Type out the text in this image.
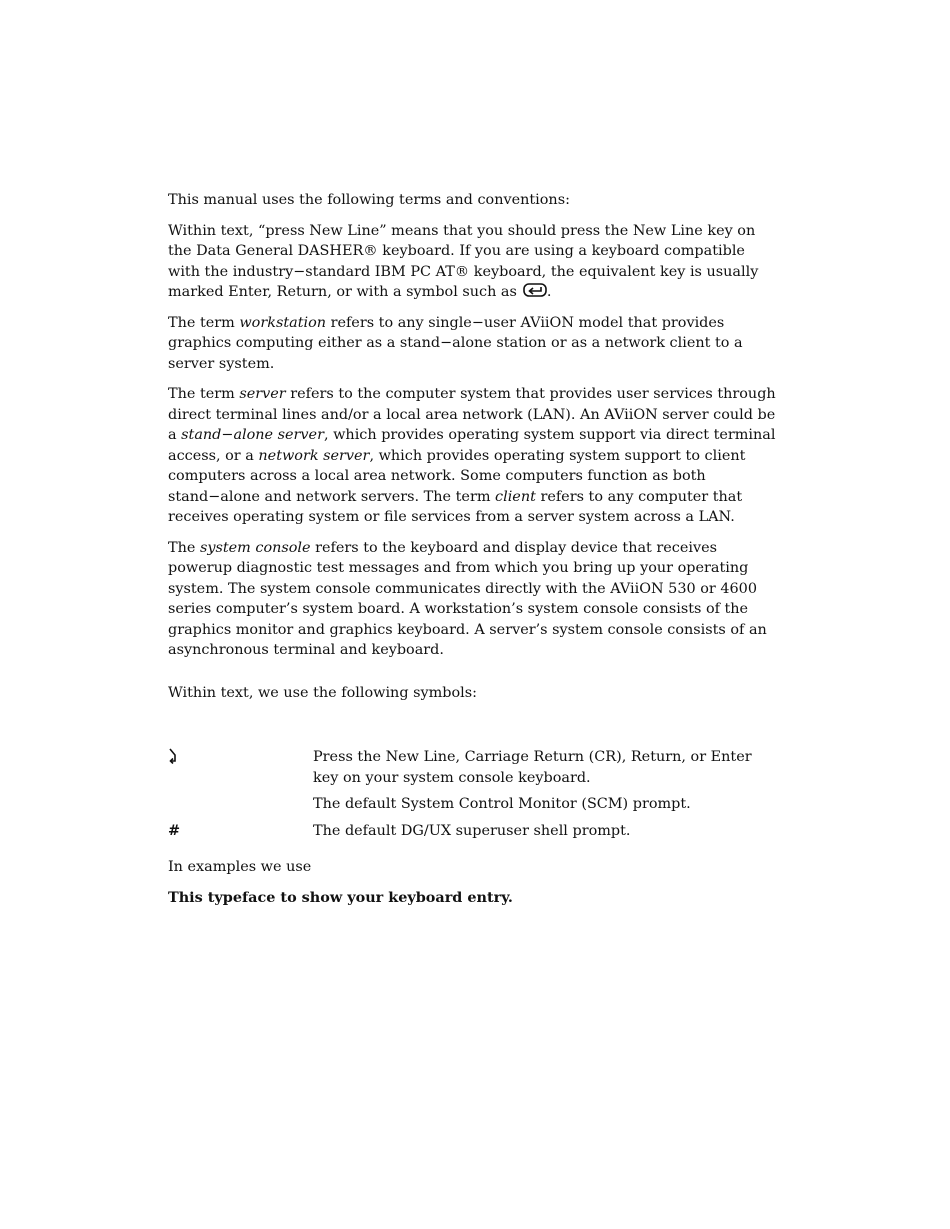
This manual uses the following terms and conventions:

Within text, “press New Line” means that you should press the New Line key on the Data General DASHER® keyboard. If you are using a keyboard compatible with the industry−standard IBM PC AT® keyboard, the equivalent key is usually marked Enter, Return, or with a symbol such as .

The term workstation refers to any single−user AViiON model that provides graphics computing either as a stand−alone station or as a network client to a server system.

The term server refers to the computer system that provides user services through direct terminal lines and/or a local area network (LAN). An AViiON server could be a stand−alone server, which provides operating system support via direct terminal access, or a network server, which provides operating system support to client computers across a local area network. Some computers function as both stand−alone and network servers. The term client refers to any computer that receives operating system or file services from a server system across a LAN.

The system console refers to the keyboard and display device that receives powerup diagnostic test messages and from which you bring up your operating system. The system console communicates directly with the AViiON 530 or 4600 series computer’s system board. A workstation’s system console consists of the graphics monitor and graphics keyboard. A server’s system console consists of an asynchronous terminal and keyboard.

Within text, we use the following symbols:

Press the New Line, Carriage Return (CR), Return, or Enter key on your system console keyboard.
The default System Control Monitor (SCM) prompt.
#	The default DG/UX superuser shell prompt.

In examples we use

This typeface to show your keyboard entry.
